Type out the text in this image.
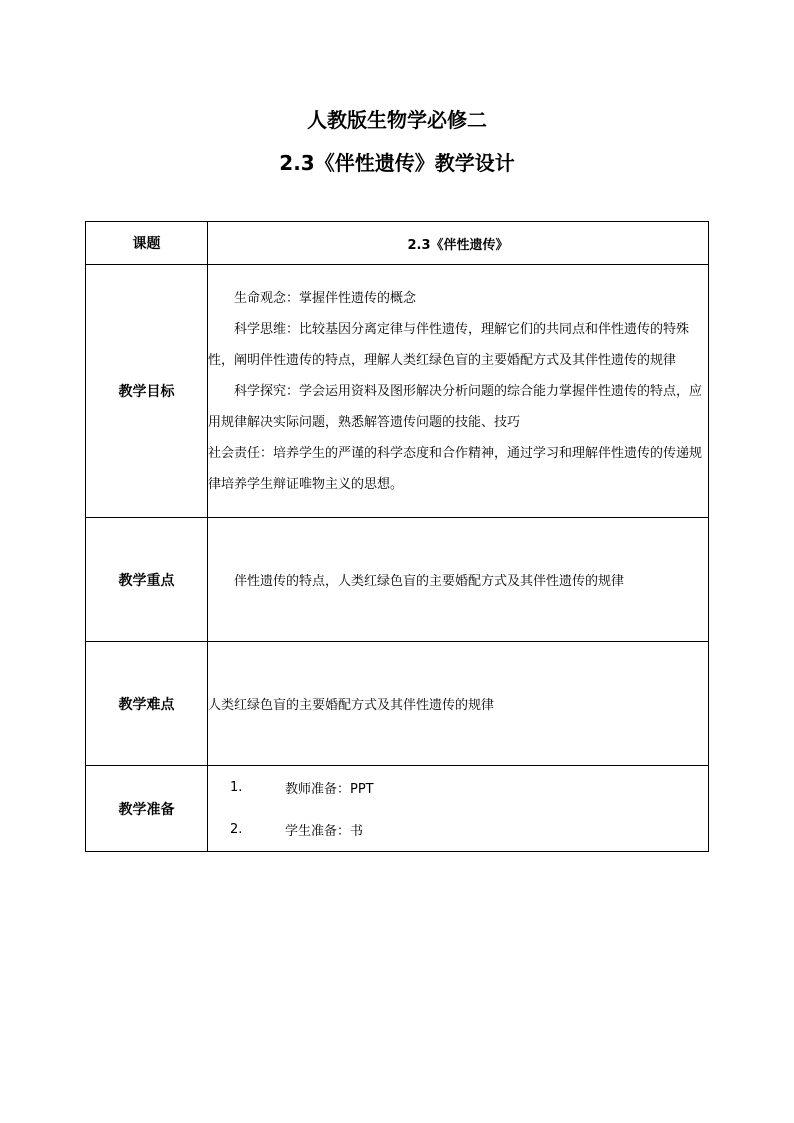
人教版生物学必修二
2.3《伴性遗传》教学设计
课题	2.3《伴性遗传》
教学目标	生命观念：掌握伴性遗传的概念

科学思维：比较基因分离定律与伴性遗传，理解它们的共同点和伴性遗传的特殊性，阐明伴性遗传的特点，理解人类红绿色盲的主要婚配方式及其伴性遗传的规律

科学探究：学会运用资料及图形解决分析问题的综合能力掌握伴性遗传的特点，应用规律解决实际问题，熟悉解答遗传问题的技能、技巧

社会责任：培养学生的严谨的科学态度和合作精神，通过学习和理解伴性遗传的传递规律培养学生辩证唯物主义的思想。

教学重点	伴性遗传的特点，人类红绿色盲的主要婚配方式及其伴性遗传的规律
教学难点	人类红绿色盲的主要婚配方式及其伴性遗传的规律
教学准备	1. 教师准备：PPT
2. 学生准备：书
